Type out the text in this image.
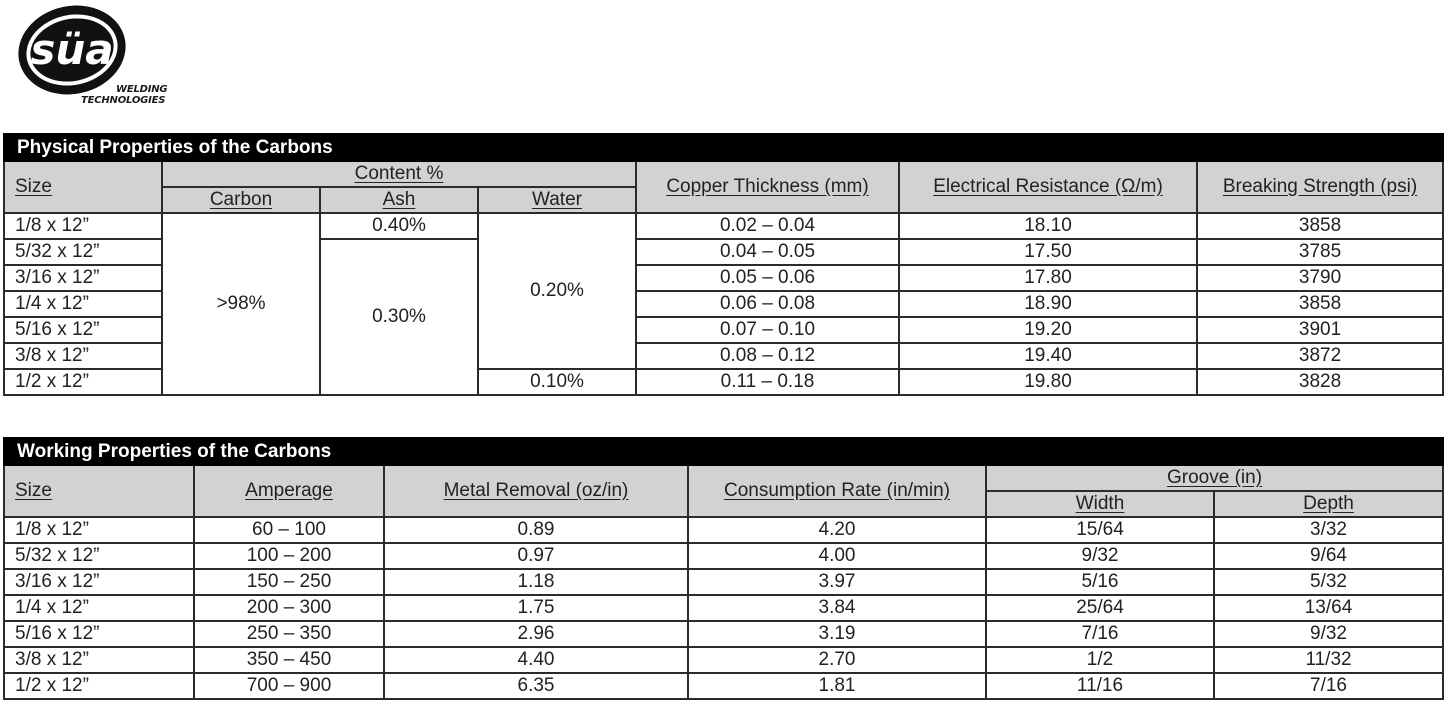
süa
WELDING
TECHNOLOGIES
Physical Properties of the Carbons						
Size	Content %			Copper Thickness (mm)	Electrical Resistance (Ω/m)	Breaking Strength (psi)
	Carbon	Ash	Water			
1/8 x 12”	>98%	0.40%	0.20%	0.02 – 0.04	18.10	3858
5/32 x 12”		0.30%		0.04 – 0.05	17.50	3785
3/16 x 12”				0.05 – 0.06	17.80	3790
1/4 x 12”				0.06 – 0.08	18.90	3858
5/16 x 12”				0.07 – 0.10	19.20	3901
3/8 x 12”				0.08 – 0.12	19.40	3872
1/2 x 12”			0.10%	0.11 – 0.18	19.80	3828
Working Properties of the Carbons					
Size	Amperage	Metal Removal (oz/in)	Consumption Rate (in/min)	Groove (in)	
				Width	Depth
1/8 x 12”	60 – 100	0.89	4.20	15/64	3/32
5/32 x 12”	100 – 200	0.97	4.00	9/32	9/64
3/16 x 12”	150 – 250	1.18	3.97	5/16	5/32
1/4 x 12”	200 – 300	1.75	3.84	25/64	13/64
5/16 x 12”	250 – 350	2.96	3.19	7/16	9/32
3/8 x 12”	350 – 450	4.40	2.70	1/2	11/32
1/2 x 12”	700 – 900	6.35	1.81	11/16	7/16
